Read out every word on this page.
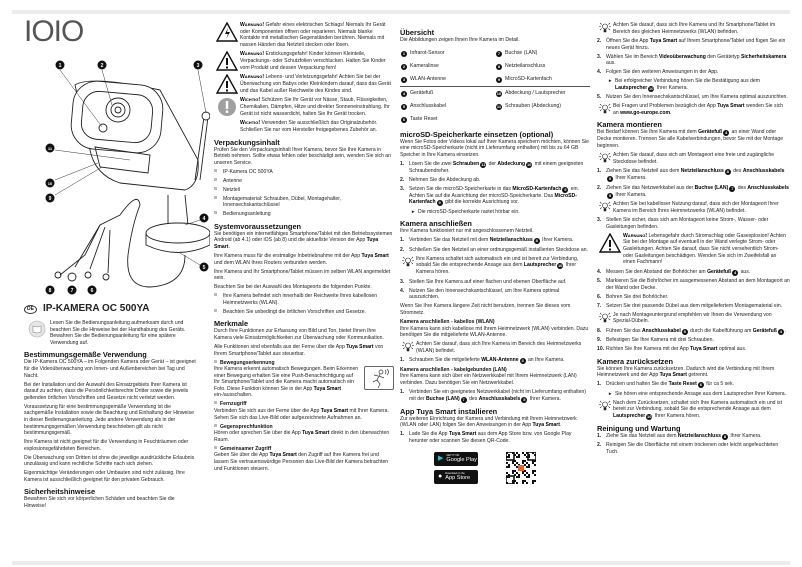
IOIO
1	2	3
4
5
6
7
8
9
10
11
DE IP-KAMERA OC 500YA
Lesen Sie die Bedienungsanleitung aufmerksam durch und beachten Sie die Hinweise bei der Handhabung des Geräts. Bewahren Sie die Bedienungsanleitung für eine spätere Verwendung auf.
Bestimmungsgemäße Verwendung
Die IP-Kamera OC 500YA – im Folgenden Kamera oder Gerät – ist geeignet für die Videoüberwachung von Innen- und Außenbereichen bei Tag und Nacht.
Bei der Installation und der Auswahl des Einsatzgebiets Ihrer Kamera ist darauf zu achten, dass die Persönlichkeitsrechte Dritter sowie die jeweils geltenden örtlichen Vorschriften und Gesetze nicht verletzt werden.
Voraussetzung für eine bestimmungsgemäße Verwendung ist die sachgemäße Installation sowie die Beachtung und Einhaltung der Hinweise in dieser Bedienungsanleitung. Jede andere Verwendung als in der bestimmungsgemäßen Verwendung beschrieben gilt als nicht bestimmungsgemäß.
Ihre Kamera ist nicht geeignet für die Verwendung in Feuchträumen oder explosionsgefährdeten Bereichen.
Die Überwachung von Dritten ist ohne die jeweilige ausdrückliche Erlaubnis unzulässig und kann rechtliche Schritte nach sich ziehen.
Eigenmächtige Veränderungen oder Umbauten sind nicht zulässig. Ihre Kamera ist ausschließlich geeignet für den privaten Gebrauch.
Sicherheitshinweise
Bewahren Sie sich vor körperlichen Schäden und beachten Sie die Hinweise!
Warnung! Gefahr eines elektrischen Schlags! Niemals Ihr Gerät oder Komponenten öffnen oder reparieren. Niemals blanke Kontakte mit metallischen Gegenständen berühren. Niemals mit nassen Händen das Netzteil stecken oder lösen.
Warnung! Erstickungsgefahr! Kinder können Kleinteile, Verpackungs- oder Schutzfolien verschlucken. Halten Sie Kinder vom Produkt und dessen Verpackung fern!
Warnung! Lebens- und Verletzungsgefahr! Achten Sie bei der Überwachung von Babys oder Kleinkindern darauf, dass das Gerät und das Kabel außer Reichweite des Kindes sind.
Wichtig! Schützen Sie Ihr Gerät vor Nässe, Staub, Flüssigkeiten, Chemikalien, Dämpfen, Hitze und direkter Sonneneinstrahlung. Ihr Gerät ist nicht wasserdicht, halten Sie Ihr Gerät trocken.
Wichtig! Verwenden Sie ausschließlich das Originalzubehör. Schließen Sie nur vom Hersteller freigegebenes Zubehör an.
Verpackungsinhalt
Prüfen Sie den Verpackungsinhalt Ihrer Kamera, bevor Sie Ihre Kamera in Betrieb nehmen. Sollte etwas fehlen oder beschädigt sein, wenden Sie sich an unseren Service.
IP-Kamera OC 500YA
Antenne
Netzteil
Montagematerial: Schrauben, Dübel, Montagehalter, Innensechskantschlüssel
Bedienungsanleitung
Systemvoraussetzungen
Sie benötigen ein internetfähiges Smartphone/Tablet mit den Betriebssystemen Android (ab 4.1) oder iOS (ab 8) und die aktuellste Version der App Tuya Smart.
Ihre Kamera muss für die erstmalige Inbetriebnahme mit der App Tuya Smart und dem WLAN Ihres Routers verbunden werden.
Ihre Kamera und Ihr Smartphone/Tablet müssen im selben WLAN angemeldet sein.
Beachten Sie bei der Auswahl des Montageorts die folgenden Punkte.
Ihre Kamera befindet sich innerhalb der Reichweite Ihres kabellosen Heimnetzwerks (WLAN).
Beachten Sie unbedingt die örtlichen Vorschriften und Gesetze.
Merkmale
Durch Ihre Funktionen zur Erfassung von Bild und Ton, bietet Ihnen Ihre Kamera viele Einsatzmöglichkeiten zur Überwachung oder Kommunikation.
Alle Funktionen sind ebenfalls aus der Ferne über die App Tuya Smart von Ihrem Smartphone/Tablet aus steuerbar.
Bewegungserkennung
Ihre Kamera erkennt automatisch Bewegungen. Beim Erkennen einer Bewegung erhalten Sie eine Push-Benachrichtigung auf Ihr Smartphone/Tablet und die Kamera macht automatisch ein Foto. Diese Funktion können Sie in der App Tuya Smart ein-/ausschalten.
Fernzugriff
Verbinden Sie sich aus der Ferne über die App Tuya Smart mit Ihrer Kamera. Sehen Sie sich das Live-Bild oder aufgezeichnete Aufnahmen an.
Gegensprechfunktion
Hören oder sprechen Sie über die App Tuya Smart direkt in den überwachten Raum.
Gemeinsamer Zugriff
Geben Sie über die App Tuya Smart den Zugriff auf Ihre Kamera frei und lassen Sie vertrauenswürdige Personen das Live-Bild der Kamera betrachten und Funktionen steuern.
Übersicht
Die Abbildungen zeigen Ihnen Ihre Kamera im Detail.
1 Infrarot-Sensor	7 Buchse (LAN)
2 Kameralinse	8 Netzteilanschluss
3 WLAN-Antenne	9 MicroSD-Kartenfach
4 Gerätefuß	10 Abdeckung / Lautsprecher
5 Anschlusskabel	11 Schrauben (Abdeckung)
6 Taste Reset
microSD-Speicherkarte einsetzen (optional)
Wenn Sie Fotos oder Videos lokal auf Ihrer Kamera speichern möchten, können Sie eine microSD-Speicherkarte (nicht im Lieferumfang enthalten) mit bis zu 64 GB Speicher in Ihre Kamera einsetzen.
1. Lösen Sie die zwei Schrauben 11 der Abdeckung 10 mit einem geeigneten Schraubendreher.
2. Nehmen Sie die Abdeckung ab.
3. Setzen Sie die microSD-Speicherkarte in das MicroSD-Kartenfach 9 ein. Achten Sie auf die Ausrichtung der microSD-Speicherkarte. Das MicroSD-Kartenfach 9 gibt die korrekte Ausrichtung vor.
► Die microSD-Speicherkarte rastet hörbar ein.
Kamera anschließen
Ihre Kamera funktioniert nur mit angeschlossenem Netzteil.
1. Verbinden Sie das Netzteil mit dem Netzteilanschluss 8 Ihrer Kamera.
2. Schließen Sie den Netzteil an einer ordnungsgemäß installierten Steckdose an.
Ihre Kamera schaltet sich automatisch ein und ist bereit zur Verbindung, sobald Sie die entsprechende Ansage aus dem Lautsprecher 10 Ihrer Kamera hören.
3. Stellen Sie Ihre Kamera auf einer flachen und ebenen Oberfläche auf.
4. Nutzen Sie den Innensechskantschlüssel, um Ihre Kamera optimal auszurichten.
Wenn Sie Ihre Kamera längere Zeit nicht benutzen, trennen Sie dieses vom Stromnetz.
Kamera anschließen - kabellos (WLAN)
Ihre Kamera kann sich kabellose mit Ihrem Heimnetzwerk (WLAN) verbinden. Dazu benötigen Sie die mitgelieferte WLAN-Antenne.
Achten Sie darauf, dass sich Ihre Kamera im Bereich des Heimnetzwerks (WLAN) befindet.
1. Schrauben Sie die mitgelieferte WLAN-Antenne 3 an Ihre Kamera.
Kamera anschließen - kabelgebunden (LAN)
Ihre Kamera kann sich über ein Netzwerkkabel mit Ihrem Heimnetzwerk (LAN) verbinden. Dazu benötigen Sie ein Netzwerkkabel.
1. Verbinden Sie ein geeignetes Netzwerkkabel (nicht im Lieferumfang enthalten) mit der Buchse (LAN) 7 des Anschlusskabels 5 Ihrer Kamera.
App Tuya Smart installieren
Zur weiteren Einrichtung der Kamera und Verbindung mit Ihrem Heimnetzwerk (WLAN oder LAN) folgen Sie den Anweisungen in der App Tuya Smart.
1. Lade Sie die App Tuya Smart aus dem App Store bzw. von Google Play herunter oder scannen Sie diesen QR-Code.
▶ GET IT ON
Google Play
● Download on the
App Store
Achten Sie darauf, dass sich Ihre Kamera und Ihr Smartphone/Tablet im Bereich des gleichen Heimnetzwerks (WLAN) befinden.
2. Öffnen Sie die App Tuya Smart auf Ihrem Smartphone/Tablet und fügen Sie ein neues Gerät hinzu.
3. Wählen Sie im Bereich Videoüberwachung den Gerätetyp Sicherheitskamera aus.
4. Folgen Sie den weiteren Anweisungen in der App.
► Bei erfolgreicher Verbindung hören Sie die Bestätigung aus dem Lautsprecher 10 Ihrer Kamera.
5. Nutzen Sie den Innensechskantschlüssel, um Ihre Kamera optimal auszurichten.
Bei Fragen und Problemen bezüglich der App Tuya Smart wenden Sie sich an www.go-europe.com.
Kamera montieren
Bei Bedarf können Sie Ihre Kamera mit dem Gerätefuß 4 an einer Wand oder Decke montieren. Trennen Sie alle Kabelverbindungen, bevor Sie mit der Montage beginnen.
Achten Sie darauf, dass sich am Montageort eine freie und zugängliche Steckdose befindet.
1. Ziehen Sie das Netzteil aus dem Netzteilanschluss 8 des Anschlusskabels5 Ihrer Kamera.
2. Ziehen Sie das Netzwerkkabel aus der Buchse (LAN) 7 des Anschlusskabels5 Ihrer Kamera.
Achten Sie bei kabelloser Nutzung darauf, dass sich der Montageort Ihrer Kamera im Bereich Ihres Heimnetzwerks (WLAN) befindet.
3. Stellen Sie sicher, dass sich am Montageort keine Strom-, Wasser- oder Gasleitungen befinden.
Warnung! Lebensgefahr durch Stromschlag oder Gasexplosion! Achten Sie bei der Montage auf eventuell in der Wand verlegte Strom- oder Gasleitungen. Achten Sie darauf, dass Sie nicht versehentlich Strom- oder Gasleitungen beschädigen. Wenden Sie sich im Zweifelsfall an einen Fachmann!
4. Messen Sie den Abstand der Bohrlöcher am Gerätefuß 4 aus.
5. Markieren Sie die Bohrlöcher im ausgemessenen Abstand an dem Montageort an der Wand oder Decke.
6. Bohren Sie drei Bohrlöcher.
7. Setzen Sie drei passende Dübel aus dem mitgeliefertem Montagematerial ein.
Je nach Montageuntergrund empfehlen wir Ihnen die Verwendung von Spezial-Dübeln.
8. Führen Sie das Anschlusskabel 5 durch die Kabelführung am Gerätefuß 4 .
9. Befestigen Sie Ihre Kamera mit drei Schrauben.
10. Richten Sie Ihre Kamera mit der App Tuya Smart optimal aus.
Kamera zurücksetzen
Sie können Ihre Kamera zurücksetzen. Dadurch wird die Verbindung mit Ihrem Heimnetzwerk und der App Tuya Smart getrennt.
1. Drücken und halten Sie die Taste Reset 6 für ca 5 sek.
► Sie hören eine entsprechende Ansage aus dem Lautsprecher Ihrer Kamera.
Nach dem Zurücksetzen, schaltet sich Ihre Kamera automatisch ein und ist bereit zur Verbindung, sobald Sie die entsprechende Ansage aus dem Lautsprecher 10 Ihrer Kamera hören.
Reinigung und Wartung
1. Ziehe Sie das Netzteil aus dem Netzteilanschluss 8 Ihrer Kamera.
2. Reinigen Sie die Oberfläche mit einem trockenen oder leicht angefeuchteten Tuch.
